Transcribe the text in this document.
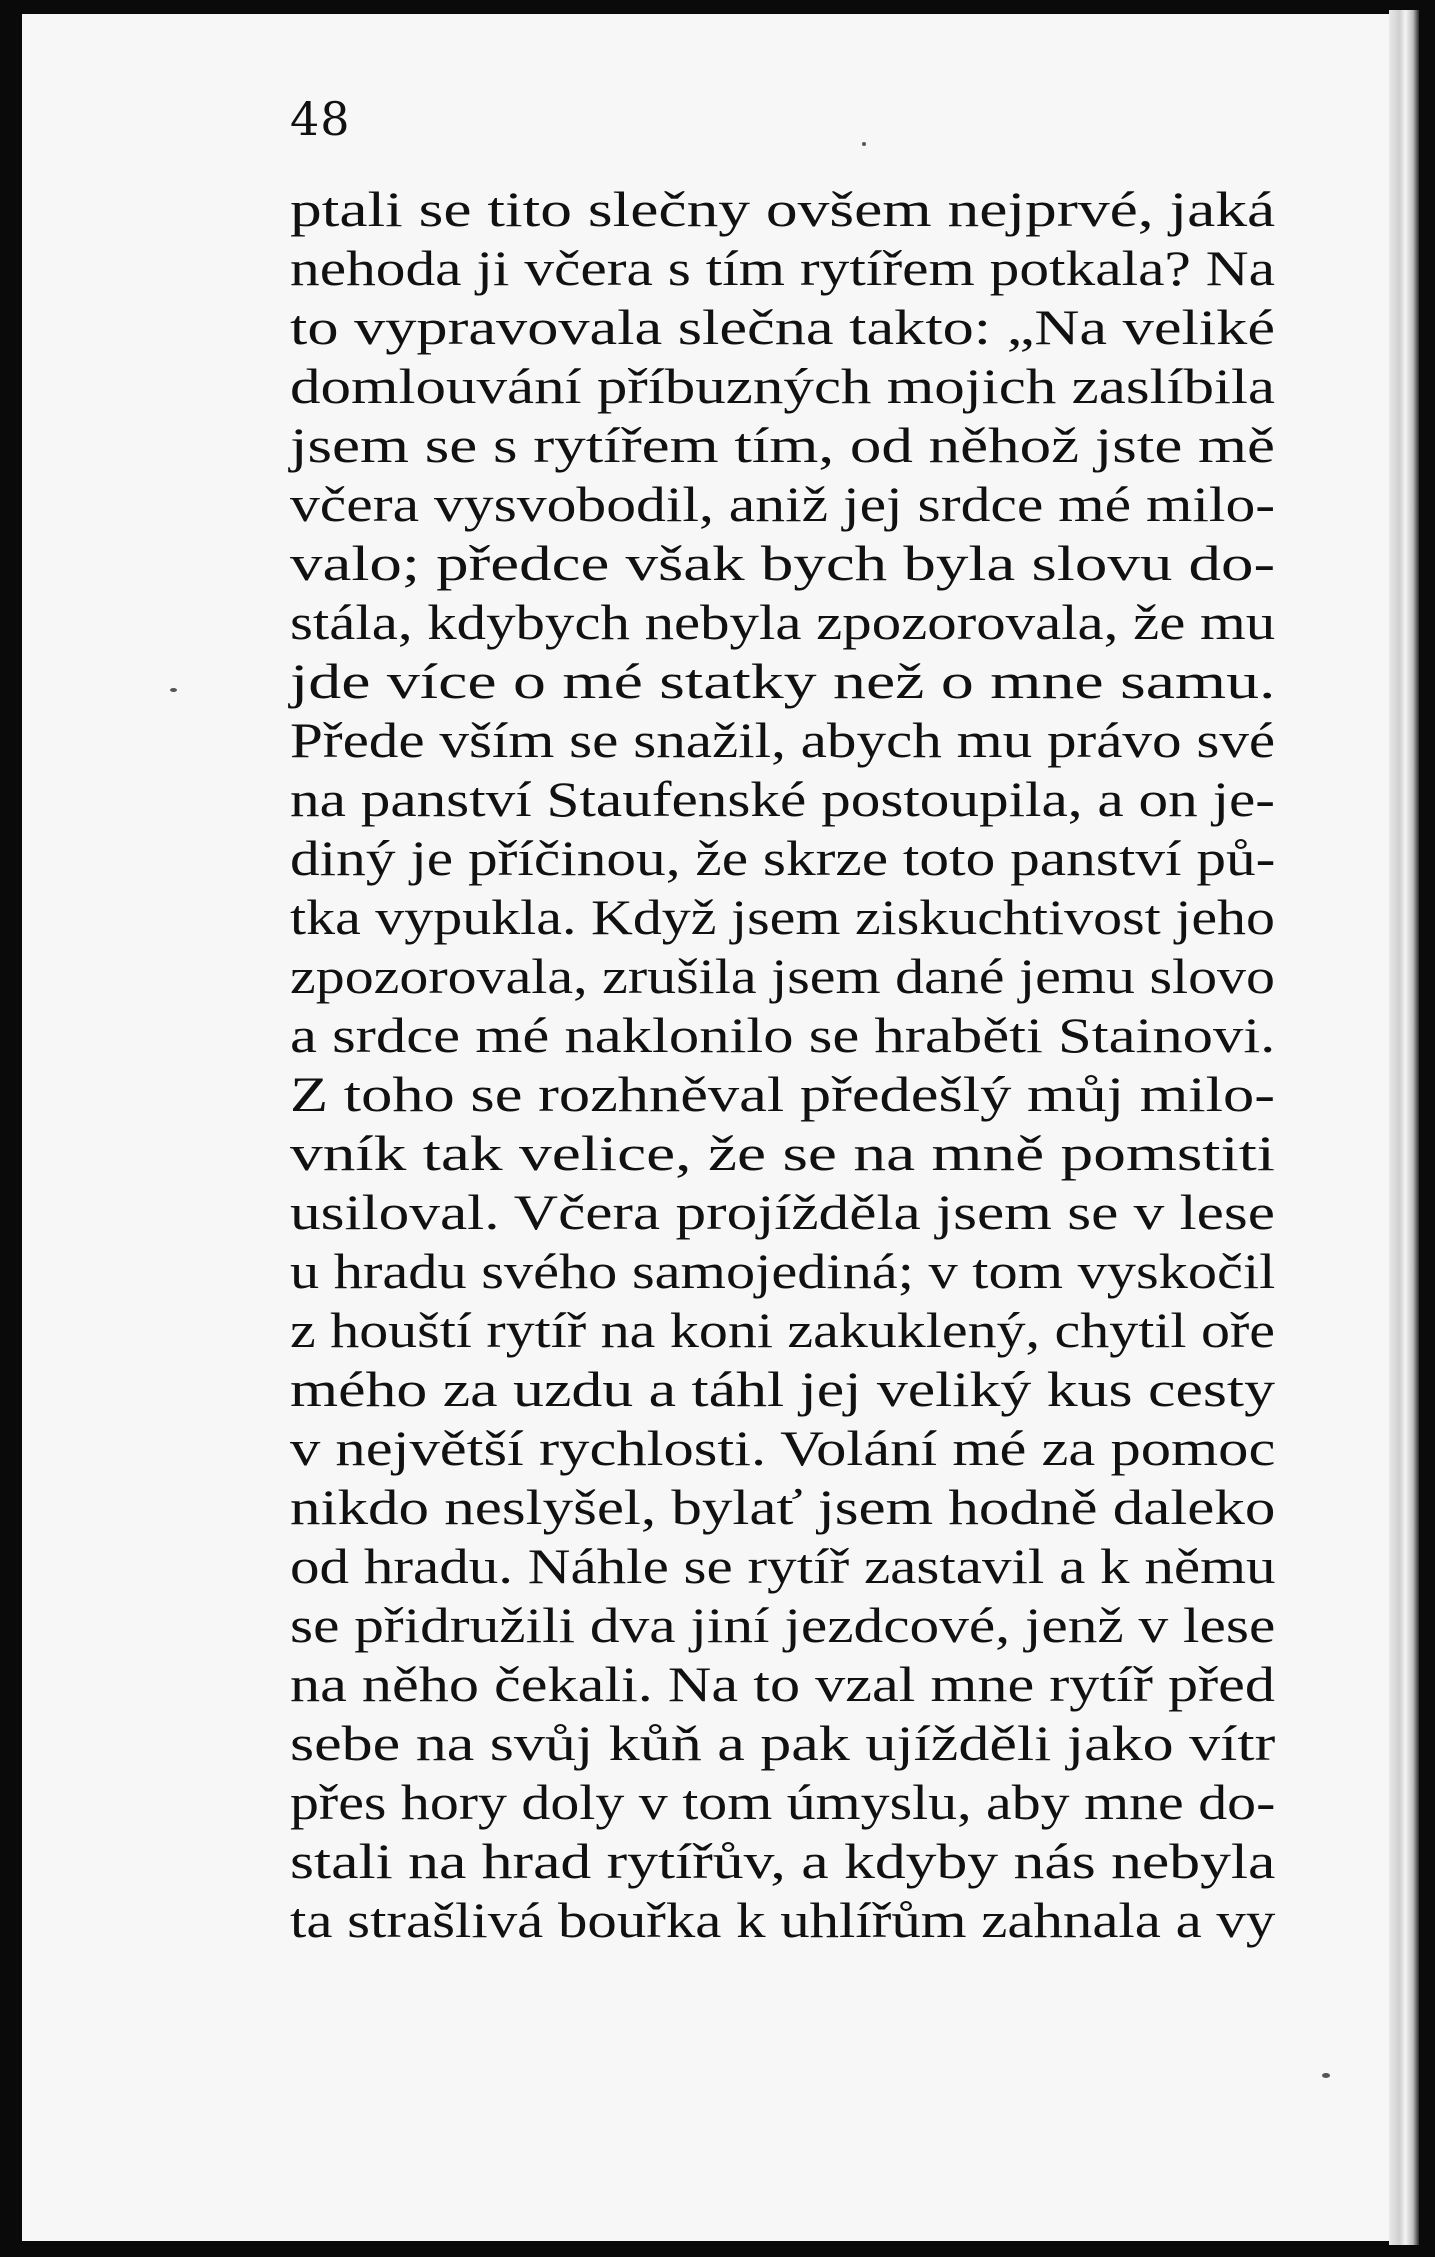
48
ptali se tito slečny ovšem nejprvé, jaká
nehoda ji včera s tím rytířem potkala? Na
to vypravovala slečna takto: „Na veliké
domlouvání příbuzných mojich zaslíbila
jsem se s rytířem tím, od něhož jste mě
včera vysvobodil, aniž jej srdce mé milo-
valo; předce však bych byla slovu do-
stála, kdybych nebyla zpozorovala, že mu
jde více o mé statky než o mne samu.
Přede vším se snažil, abych mu právo své
na panství Staufenské postoupila, a on je-
diný je příčinou, že skrze toto panství pů-
tka vypukla. Když jsem ziskuchtivost jeho
zpozorovala, zrušila jsem dané jemu slovo
a srdce mé naklonilo se hraběti Stainovi.
Z toho se rozhněval předešlý můj milo-
vník tak velice, že se na mně pomstiti
usiloval. Včera projížděla jsem se v lese
u hradu svého samojediná; v tom vyskočil
z houští rytíř na koni zakuklený, chytil oře
mého za uzdu a táhl jej veliký kus cesty
v největší rychlosti. Volání mé za pomoc
nikdo neslyšel, bylať jsem hodně daleko
od hradu. Náhle se rytíř zastavil a k němu
se přidružili dva jiní jezdcové, jenž v lese
na něho čekali. Na to vzal mne rytíř před
sebe na svůj kůň a pak ujížděli jako vítr
přes hory doly v tom úmyslu, aby mne do-
stali na hrad rytířův, a kdyby nás nebyla
ta strašlivá bouřka k uhlířům zahnala a vy
